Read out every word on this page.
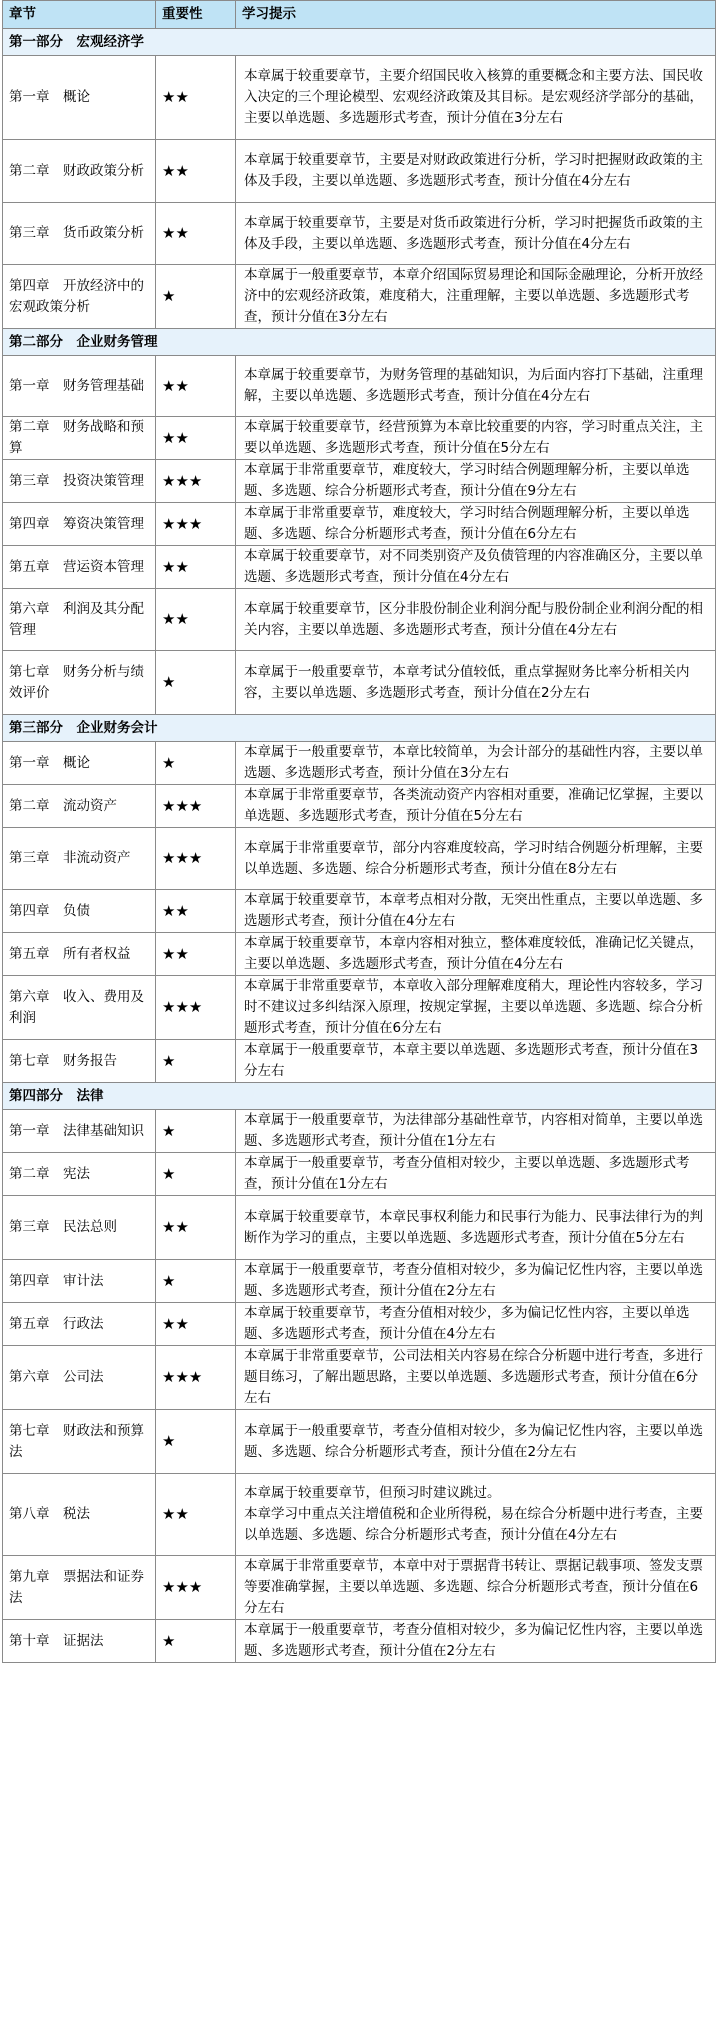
章节	重要性	学习提示
第一部分　宏观经济学		
第一章　概论	★★	本章属于较重要章节，主要介绍国民收入核算的重要概念和主要方法、国民收入决定的三个理论模型、宏观经济政策及其目标。是宏观经济学部分的基础，主要以单选题、多选题形式考查，预计分值在3分左右
第二章　财政政策分析	★★	本章属于较重要章节，主要是对财政政策进行分析，学习时把握财政政策的主体及手段，主要以单选题、多选题形式考查，预计分值在4分左右
第三章　货币政策分析	★★	本章属于较重要章节，主要是对货币政策进行分析，学习时把握货币政策的主体及手段，主要以单选题、多选题形式考查，预计分值在4分左右
第四章　开放经济中的宏观政策分析	★	本章属于一般重要章节，本章介绍国际贸易理论和国际金融理论，分析开放经济中的宏观经济政策，难度稍大，注重理解，主要以单选题、多选题形式考查，预计分值在3分左右
第二部分　企业财务管理		
第一章　财务管理基础	★★	本章属于较重要章节，为财务管理的基础知识，为后面内容打下基础，注重理解，主要以单选题、多选题形式考查，预计分值在4分左右
第二章　财务战略和预算	★★	本章属于较重要章节，经营预算为本章比较重要的内容，学习时重点关注，主要以单选题、多选题形式考查，预计分值在5分左右
第三章　投资决策管理	★★★	本章属于非常重要章节，难度较大，学习时结合例题理解分析，主要以单选题、多选题、综合分析题形式考查，预计分值在9分左右
第四章　筹资决策管理	★★★	本章属于非常重要章节，难度较大，学习时结合例题理解分析，主要以单选题、多选题、综合分析题形式考查，预计分值在6分左右
第五章　营运资本管理	★★	本章属于较重要章节，对不同类别资产及负债管理的内容准确区分，主要以单选题、多选题形式考查，预计分值在4分左右
第六章　利润及其分配管理	★★	本章属于较重要章节，区分非股份制企业利润分配与股份制企业利润分配的相关内容，主要以单选题、多选题形式考查，预计分值在4分左右
第七章　财务分析与绩效评价	★	本章属于一般重要章节，本章考试分值较低，重点掌握财务比率分析相关内容，主要以单选题、多选题形式考查，预计分值在2分左右
第三部分　企业财务会计		
第一章　概论	★	本章属于一般重要章节，本章比较简单，为会计部分的基础性内容，主要以单选题、多选题形式考查，预计分值在3分左右
第二章　流动资产	★★★	本章属于非常重要章节，各类流动资产内容相对重要，准确记忆掌握，主要以单选题、多选题形式考查，预计分值在5分左右
第三章　非流动资产	★★★	本章属于非常重要章节，部分内容难度较高，学习时结合例题分析理解，主要以单选题、多选题、综合分析题形式考查，预计分值在8分左右
第四章　负债	★★	本章属于较重要章节，本章考点相对分散，无突出性重点，主要以单选题、多选题形式考查，预计分值在4分左右
第五章　所有者权益	★★	本章属于较重要章节，本章内容相对独立，整体难度较低，准确记忆关键点，主要以单选题、多选题形式考查，预计分值在4分左右
第六章　收入、费用及利润	★★★	本章属于非常重要章节，本章收入部分理解难度稍大，理论性内容较多，学习时不建议过多纠结深入原理，按规定掌握，主要以单选题、多选题、综合分析题形式考查，预计分值在6分左右
第七章　财务报告	★	本章属于一般重要章节，本章主要以单选题、多选题形式考查，预计分值在3分左右
第四部分　法律		
第一章　法律基础知识	★	本章属于一般重要章节，为法律部分基础性章节，内容相对简单，主要以单选题、多选题形式考查，预计分值在1分左右
第二章　宪法	★	本章属于一般重要章节，考查分值相对较少，主要以单选题、多选题形式考查，预计分值在1分左右
第三章　民法总则	★★	本章属于较重要章节，本章民事权利能力和民事行为能力、民事法律行为的判断作为学习的重点，主要以单选题、多选题形式考查，预计分值在5分左右
第四章　审计法	★	本章属于一般重要章节，考查分值相对较少，多为偏记忆性内容，主要以单选题、多选题形式考查，预计分值在2分左右
第五章　行政法	★★	本章属于较重要章节，考查分值相对较少，多为偏记忆性内容，主要以单选题、多选题形式考查，预计分值在4分左右
第六章　公司法	★★★	本章属于非常重要章节，公司法相关内容易在综合分析题中进行考查，多进行题目练习，了解出题思路，主要以单选题、多选题形式考查，预计分值在6分左右
第七章　财政法和预算法	★	本章属于一般重要章节，考查分值相对较少，多为偏记忆性内容，主要以单选题、多选题、综合分析题形式考查，预计分值在2分左右
第八章　税法	★★	本章属于较重要章节，但预习时建议跳过。
本章学习中重点关注增值税和企业所得税，易在综合分析题中进行考查，主要以单选题、多选题、综合分析题形式考查，预计分值在4分左右
第九章　票据法和证券法	★★★	本章属于非常重要章节，本章中对于票据背书转让、票据记载事项、签发支票等要准确掌握，主要以单选题、多选题、综合分析题形式考查，预计分值在6分左右
第十章　证据法	★	本章属于一般重要章节，考查分值相对较少，多为偏记忆性内容，主要以单选题、多选题形式考查，预计分值在2分左右
